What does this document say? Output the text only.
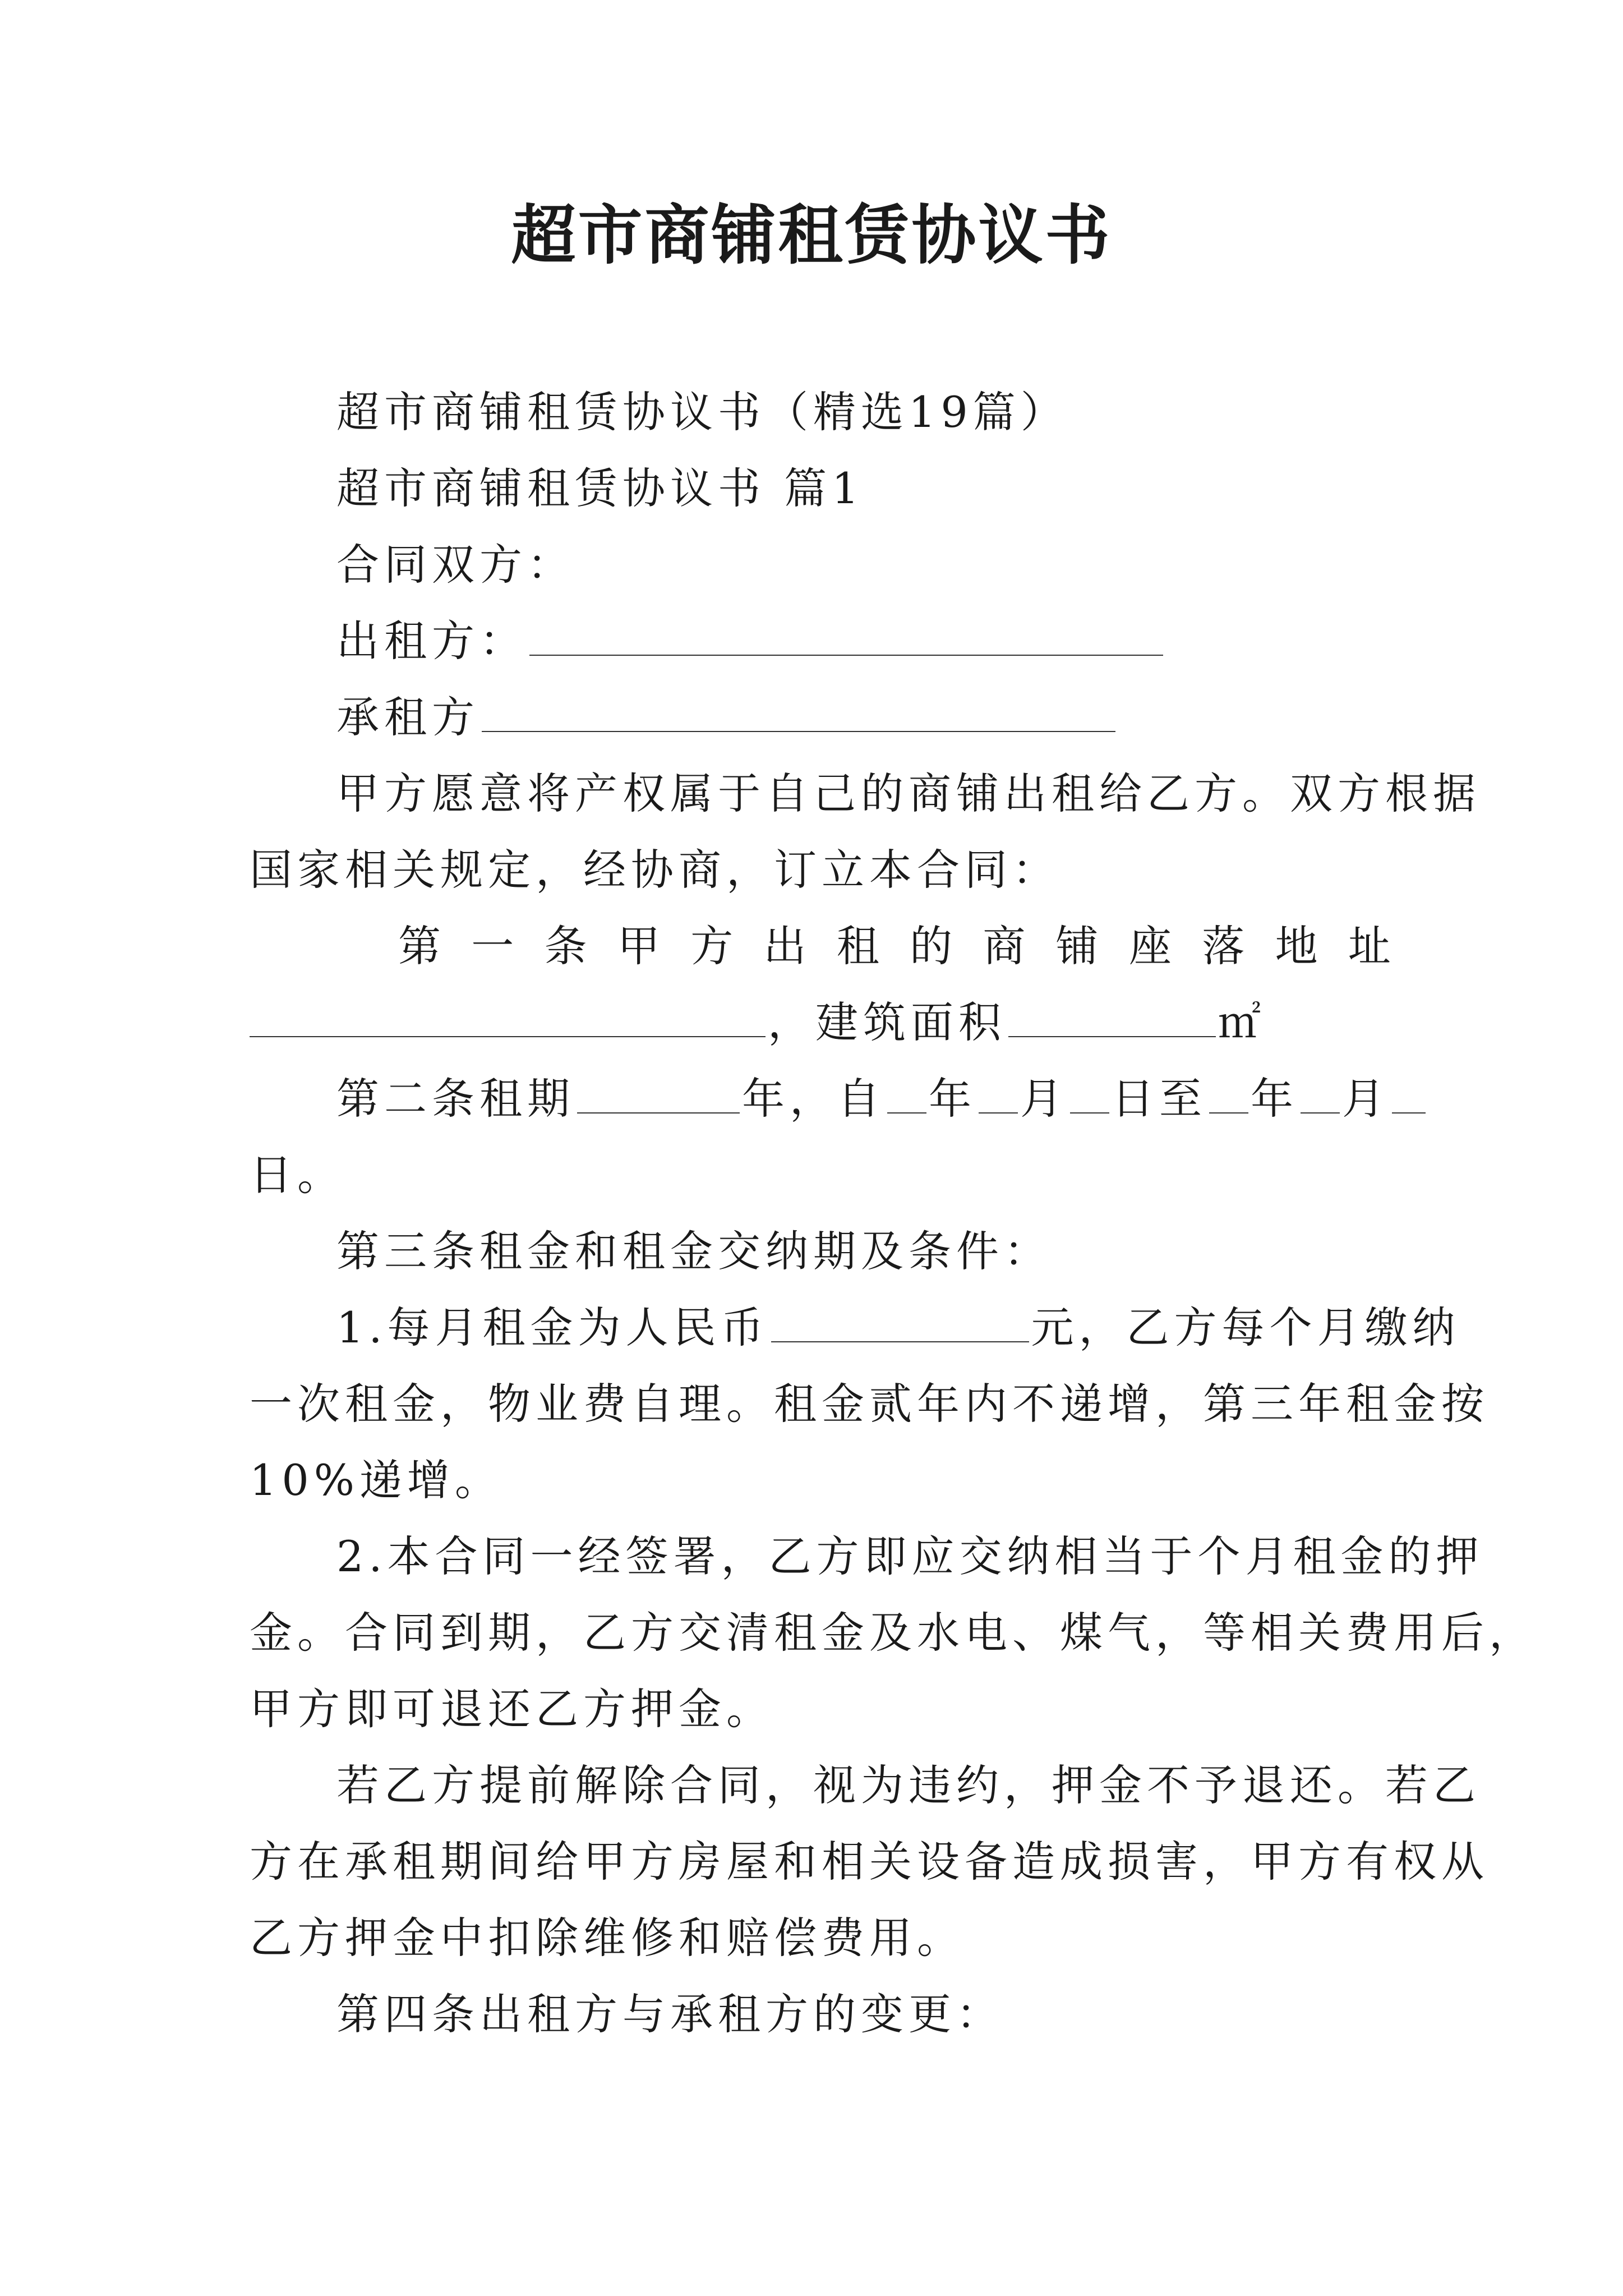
超市商铺租赁协议书
超市商铺租赁协议书（精选19篇）
超市商铺租赁协议书 篇1
合同双方：
出租方：
承租方
甲方愿意将产权属于自己的商铺出租给乙方。双方根据
国家相关规定，经协商，订立本合同：
第 一 条 甲 方 出 租 的 商 铺 座 落 地 址
，建筑面积	㎡
第二条租期	年，自 年 月 日至 年 月
日。
第三条租金和租金交纳期及条件：
1.每月租金为人民币	元，乙方每个月缴纳
一次租金，物业费自理。租金贰年内不递增，第三年租金按
10%递增。
2.本合同一经签署，乙方即应交纳相当于个月租金的押
金。合同到期，乙方交清租金及水电、煤气，等相关费用后，
甲方即可退还乙方押金。
若乙方提前解除合同，视为违约，押金不予退还。若乙
方在承租期间给甲方房屋和相关设备造成损害，甲方有权从
乙方押金中扣除维修和赔偿费用。
第四条出租方与承租方的变更：
